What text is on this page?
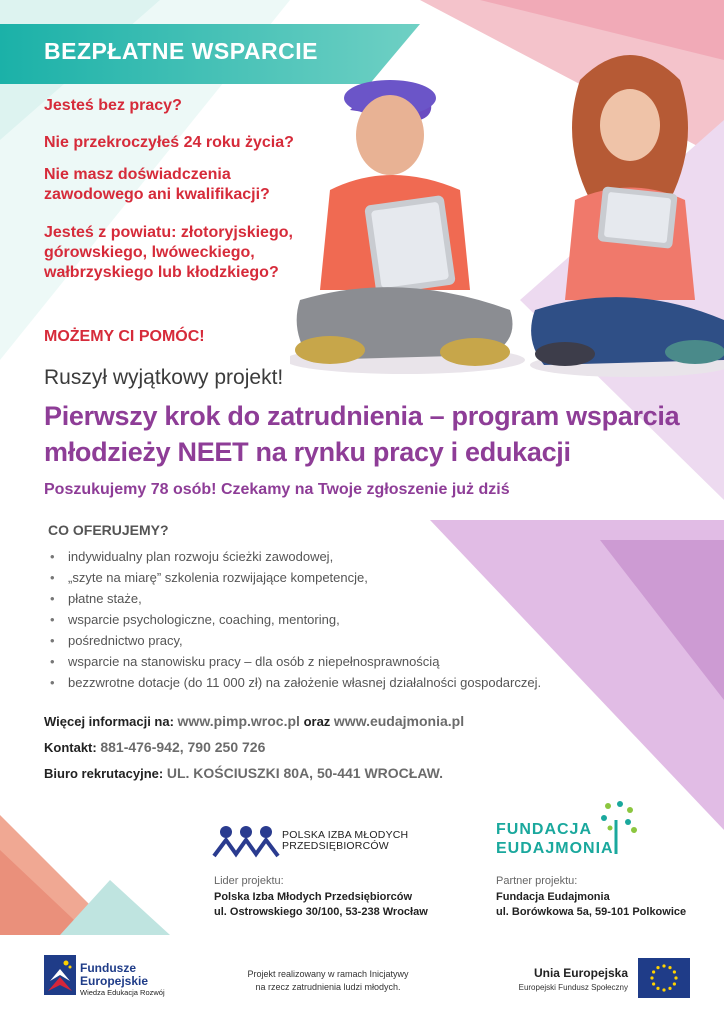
BEZPŁATNE WSPARCIE
Jesteś bez pracy?
Nie przekroczyłeś 24 roku życia?
Nie masz doświadczenia zawodowego ani kwalifikacji?
Jesteś z powiatu: złotoryjskiego, górowskiego, lwóweckiego, wałbrzyskiego lub kłodzkiego?
MOŻEMY CI POMÓC!
Ruszył wyjątkowy projekt!
Pierwszy krok do zatrudnienia – program wsparcia młodzieży NEET na rynku pracy i edukacji
Poszukujemy 78 osób! Czekamy na Twoje zgłoszenie już dziś
CO OFERUJEMY?
• indywidualny plan rozwoju ścieżki zawodowej,
• „szyte na miarę” szkolenia rozwijające kompetencje,
• płatne staże,
• wsparcie psychologiczne, coaching, mentoring,
• pośrednictwo pracy,
• wsparcie na stanowisku pracy – dla osób z niepełnosprawnością
• bezzwrotne dotacje (do 11 000 zł) na założenie własnej działalności gospodarczej.
Więcej informacji na: www.pimp.wroc.pl oraz www.eudajmonia.pl
Kontakt: 881-476-942, 790 250 726
Biuro rekrutacyjne: UL. KOŚCIUSZKI 80A, 50-441 WROCŁAW.
POLSKA IZBA MŁODYCH
PRZEDSIĘBIORCÓW
FUNDACJA
EUDAJMONIA
Lider projektu:
Polska Izba Młodych Przedsiębiorców
ul. Ostrowskiego 30/100, 53-238 Wrocław
Partner projektu:
Fundacja Eudajmonia
ul. Borówkowa 5a, 59-101 Polkowice
Fundusze
Europejskie
Wiedza Edukacja Rozwój
Projekt realizowany w ramach Inicjatywy
na rzecz zatrudnienia ludzi młodych.
Unia Europejska
Europejski Fundusz Społeczny
